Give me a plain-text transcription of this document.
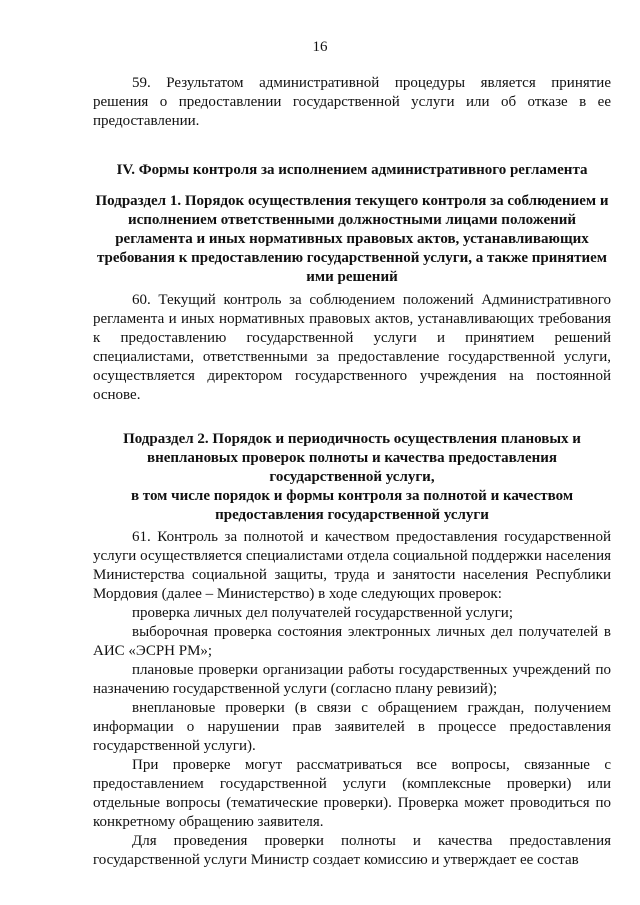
16

59. Результатом административной процедуры является принятие решения о предоставлении государственной услуги или об отказе в ее предоставлении.

IV. Формы контроля за исполнением административного регламента

Подраздел 1. Порядок осуществления текущего контроля за соблюдением и исполнением ответственными должностными лицами положений регламента и иных нормативных правовых актов, устанавливающих требования к предоставлению государственной услуги, а также принятием ими решений

60. Текущий контроль за соблюдением положений Административного регламента и иных нормативных правовых актов, устанавливающих требования к предоставлению государственной услуги и принятием решений специалистами, ответственными за предоставление государственной услуги, осуществляется директором государственного учреждения на постоянной основе.

Подраздел 2. Порядок и периодичность осуществления плановых и внеплановых проверок полноты и качества предоставления государственной услуги,

в том числе порядок и формы контроля за полнотой и качеством предоставления государственной услуги

61. Контроль за полнотой и качеством предоставления государственной услуги осуществляется специалистами отдела социальной поддержки населения Министерства социальной защиты, труда и занятости населения Республики Мордовия (далее – Министерство) в ходе следующих проверок:

проверка личных дел получателей государственной услуги;

выборочная проверка состояния электронных личных дел получателей в АИС «ЭСРН РМ»;

плановые проверки организации работы государственных учреждений по назначению государственной услуги (согласно плану ревизий);

внеплановые проверки (в связи с обращением граждан, получением информации о нарушении прав заявителей в процессе предоставления государственной услуги).

При проверке могут рассматриваться все вопросы, связанные с предоставлением государственной услуги (комплексные проверки) или отдельные вопросы (тематические проверки). Проверка может проводиться по конкретному обращению заявителя.

Для проведения проверки полноты и качества предоставления государственной услуги Министр создает комиссию и утверждает ее состав
